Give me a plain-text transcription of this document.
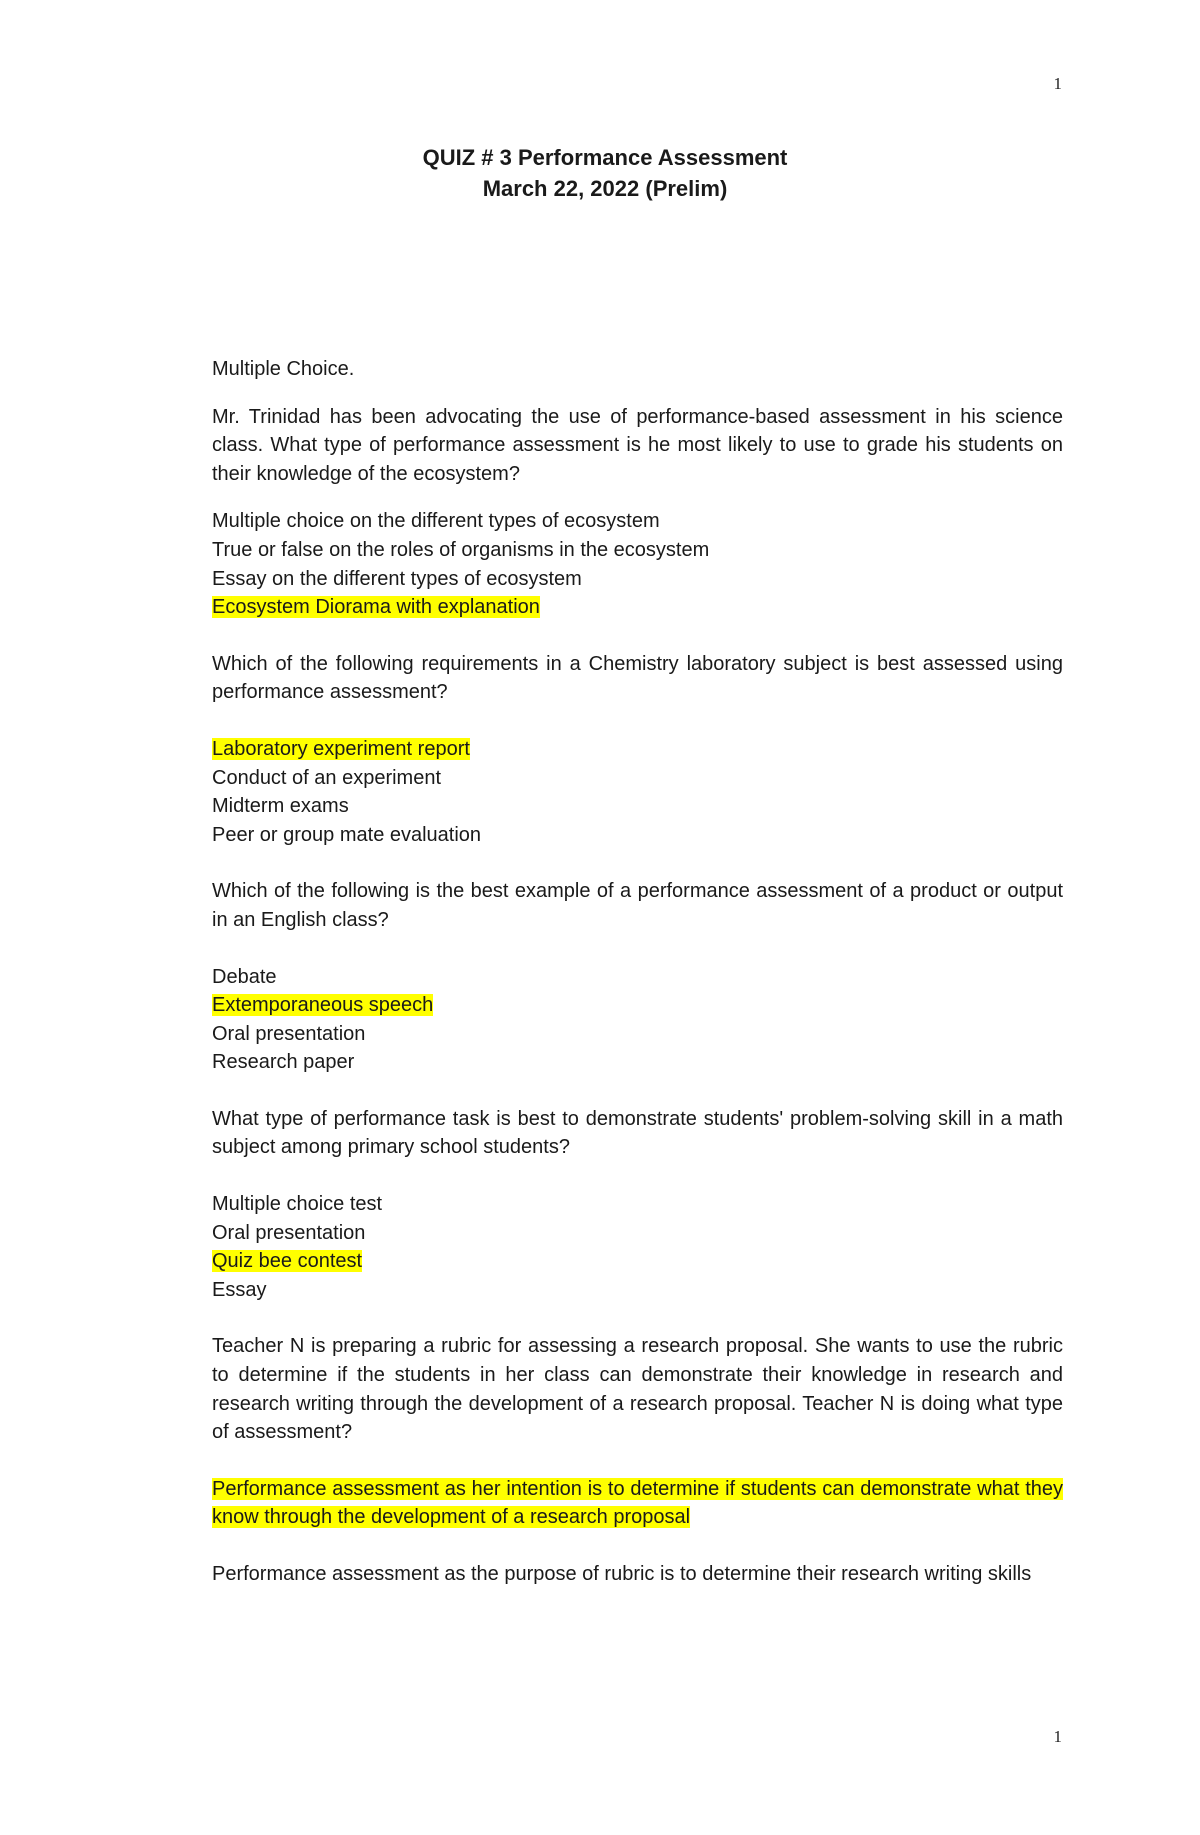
1
QUIZ # 3 Performance Assessment
March 22, 2022 (Prelim)

Multiple Choice.

Mr. Trinidad has been advocating the use of performance-based assessment in his science class. What type of performance assessment is he most likely to use to grade his students on their knowledge of the ecosystem?

Multiple choice on the different types of ecosystem

True or false on the roles of organisms in the ecosystem

Essay on the different types of ecosystem

Ecosystem Diorama with explanation

Which of the following requirements in a Chemistry laboratory subject is best assessed using performance assessment?

Laboratory experiment report

Conduct of an experiment

Midterm exams

Peer or group mate evaluation

Which of the following is the best example of a performance assessment of a product or output in an English class?

Debate

Extemporaneous speech

Oral presentation

Research paper

What type of performance task is best to demonstrate students' problem-solving skill in a math subject among primary school students?

Multiple choice test

Oral presentation

Quiz bee contest

Essay

Teacher N is preparing a rubric for assessing a research proposal. She wants to use the rubric to determine if the students in her class can demonstrate their knowledge in research and research writing through the development of a research proposal. Teacher N is doing what type of assessment?

Performance assessment as her intention is to determine if students can demonstrate what they know through the development of a research proposal

Performance assessment as the purpose of rubric is to determine their research writing skills

1
